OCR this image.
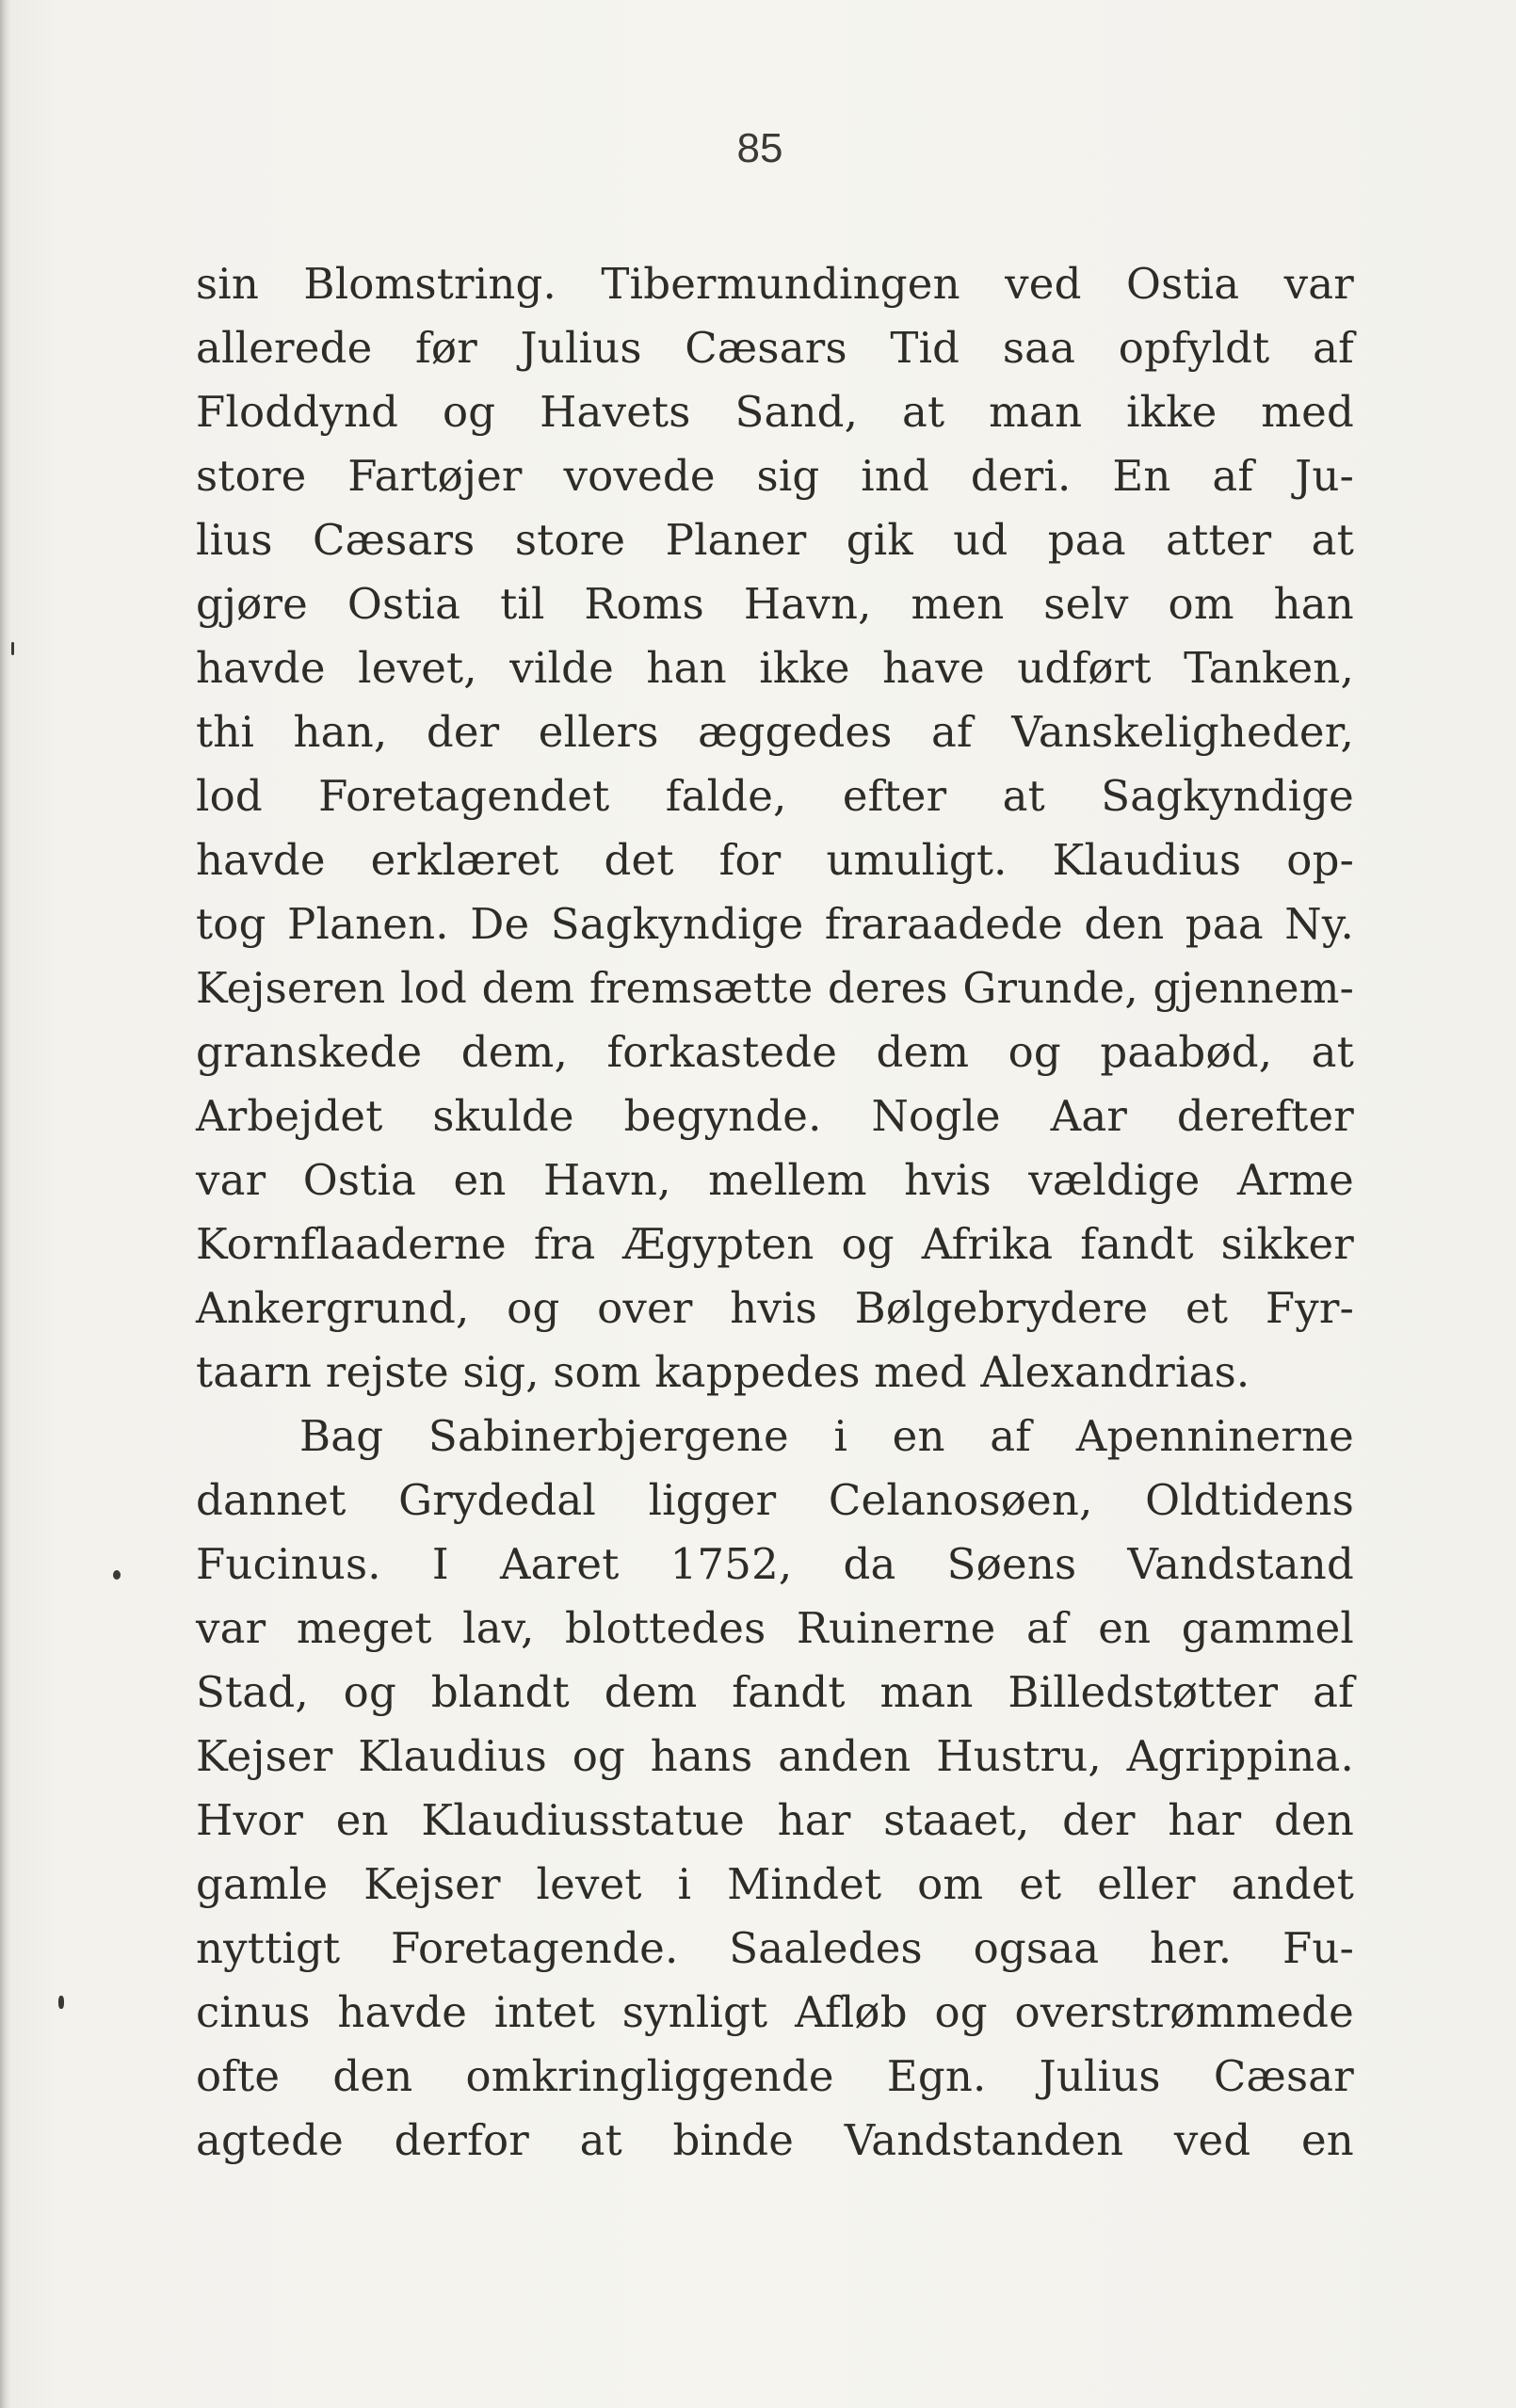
85

sin Blomstring. Tibermundingen ved Ostia var
allerede før Julius Cæsars Tid saa opfyldt af
Floddynd og Havets Sand, at man ikke med
store Fartøjer vovede sig ind deri. En af Ju-
lius Cæsars store Planer gik ud paa atter at
gjøre Ostia til Roms Havn, men selv om han
havde levet, vilde han ikke have udført Tanken,
thi han, der ellers æggedes af Vanskeligheder,
lod Foretagendet falde, efter at Sagkyndige
havde erklæret det for umuligt. Klaudius op-
tog Planen. De Sagkyndige fraraadede den paa Ny.
Kejseren lod dem fremsætte deres Grunde, gjennem-
granskede dem, forkastede dem og paabød, at
Arbejdet skulde begynde. Nogle Aar derefter
var Ostia en Havn, mellem hvis vældige Arme
Kornflaaderne fra Ægypten og Afrika fandt sikker
Ankergrund, og over hvis Bølgebrydere et Fyr-
taarn rejste sig, som kappedes med Alexandrias.
Bag Sabinerbjergene i en af Apenninerne
dannet Grydedal ligger Celanosøen, Oldtidens
Fucinus. I Aaret 1752, da Søens Vandstand
var meget lav, blottedes Ruinerne af en gammel
Stad, og blandt dem fandt man Billedstøtter af
Kejser Klaudius og hans anden Hustru, Agrippina.
Hvor en Klaudiusstatue har staaet, der har den
gamle Kejser levet i Mindet om et eller andet
nyttigt Foretagende. Saaledes ogsaa her. Fu-
cinus havde intet synligt Afløb og overstrømmede
ofte den omkringliggende Egn. Julius Cæsar
agtede derfor at binde Vandstanden ved en
